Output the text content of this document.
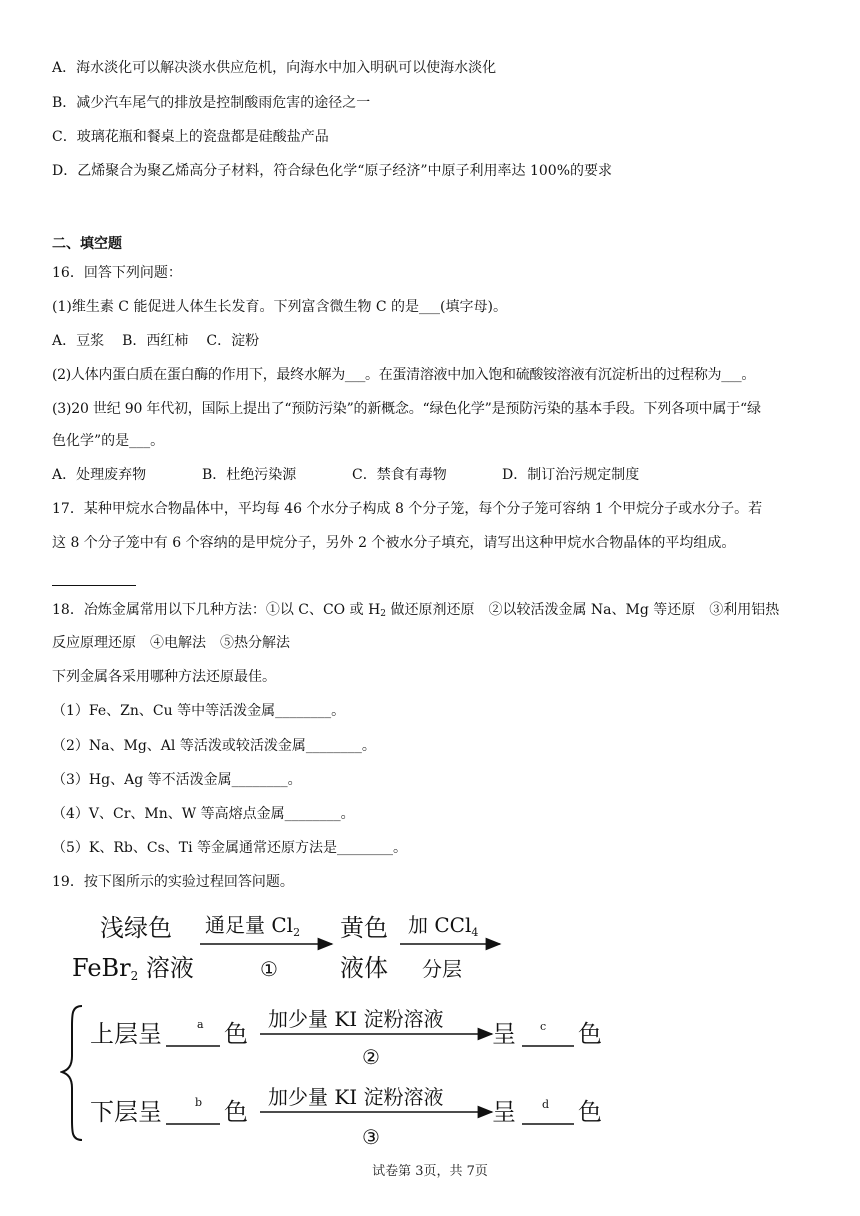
A．海水淡化可以解决淡水供应危机，向海水中加入明矾可以使海水淡化
B．减少汽车尾气的排放是控制酸雨危害的途径之一
C．玻璃花瓶和餐桌上的瓷盘都是硅酸盐产品
D．乙烯聚合为聚乙烯高分子材料，符合绿色化学“原子经济”中原子利用率达 100%的要求
二、填空题
16．回答下列问题：
(1)维生素 C 能促进人体生长发育。下列富含微生物 C 的是___(填字母)。
A．豆浆 B．西红柿 C．淀粉
(2)人体内蛋白质在蛋白酶的作用下，最终水解为___。在蛋清溶液中加入饱和硫酸铵溶液有沉淀析出的过程称为___。
(3)20 世纪 90 年代初，国际上提出了“预防污染”的新概念。“绿色化学”是预防污染的基本手段。下列各项中属于“绿
色化学”的是___。
A．处理废弃物	B．杜绝污染源	C．禁食有毒物	D．制订治污规定制度
17．某种甲烷水合物晶体中，平均每 46 个水分子构成 8 个分子笼，每个分子笼可容纳 1 个甲烷分子或水分子。若
这 8 个分子笼中有 6 个容纳的是甲烷分子，另外 2 个被水分子填充，请写出这种甲烷水合物晶体的平均组成。
18．冶炼金属常用以下几种方法：①以 C、CO 或 $H_2$ 做还原剂还原　②以较活泼金属 Na、Mg 等还原　③利用铝热
反应原理还原　④电解法　⑤热分解法
下列金属各采用哪种方法还原最佳。
（1）Fe、Zn、Cu 等中等活泼金属________。
（2）Na、Mg、Al 等活泼或较活泼金属________。
（3）Hg、Ag 等不活泼金属________。
（4）V、Cr、Mn、W 等高熔点金属________。
（5）K、Rb、Cs、Ti 等金属通常还原方法是________。
19．按下图所示的实验过程回答问题。
浅绿色
FeBr2 溶液
通足量 $Cl_2$
①
黄色
液体
加 CCl$_4$
分层
上层呈	a 色
加少量 KI 淀粉溶液
②
呈 c 色
下层呈	b 色
加少量 KI 淀粉溶液
③
呈 d 色
试卷第 3页，共 7页
